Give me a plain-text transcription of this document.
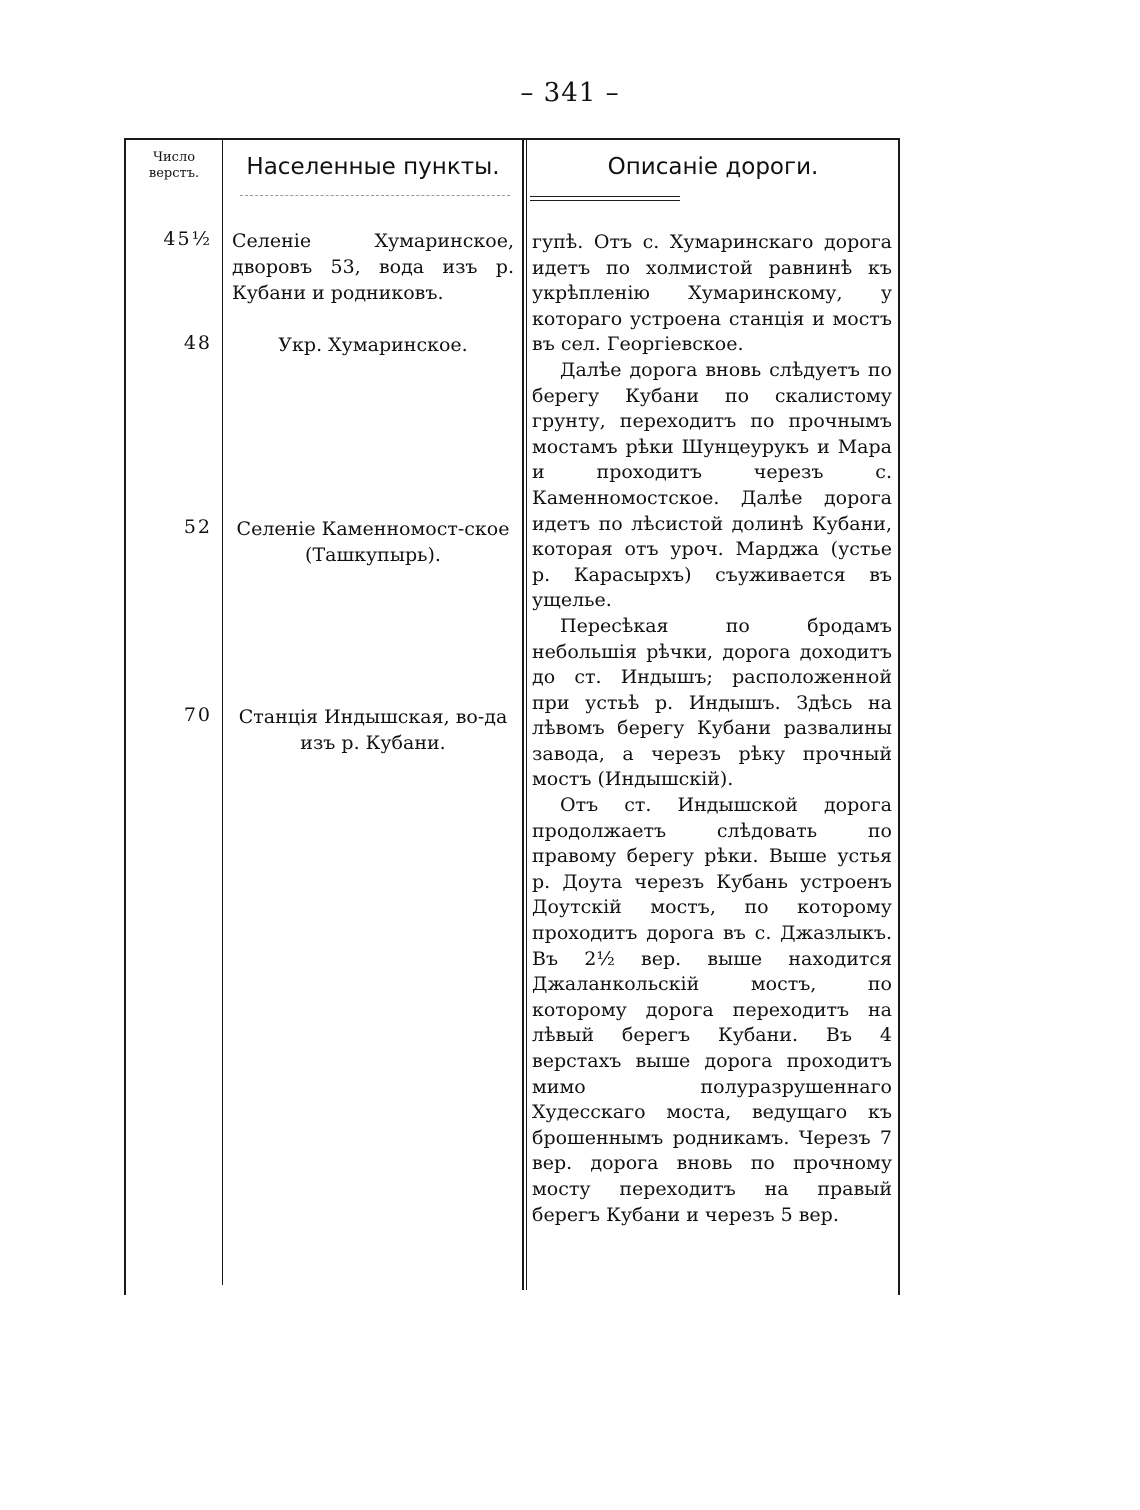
– 341 –
Число
верстъ.	Населенные пункты.	Описаніе дороги.
45½ Селеніе Хумаринское, дворовъ 53, вода изъ р. Кубани и родниковъ.
48	Укр. Хумаринское.
52 Селеніе Каменномост-ское (Ташкупырь).
70	Станція Индышская, во-да изъ р. Кубани.

гупѣ. Отъ с. Хумаринскаго дорога идетъ по холмистой равнинѣ къ укрѣпленію Хумаринскому, у котораго устроена станція и мостъ въ сел. Георгіевское.

Далѣе дорога вновь слѣдуетъ по берегу Кубани по скалистому грунту, переходитъ по прочнымъ мостамъ рѣки Шунцеурукъ и Мара и проходитъ черезъ с. Каменномостское. Далѣе дорога идетъ по лѣсистой долинѣ Кубани, которая отъ уроч. Марджа (устье р. Карасырхъ) съуживается въ ущелье.

Пересѣкая по бродамъ небольшія рѣчки, дорога доходитъ до ст. Индышъ; расположенной при устьѣ р. Индышъ. Здѣсь на лѣвомъ берегу Кубани развалины завода, а черезъ рѣку прочный мостъ (Индышскій).

Отъ ст. Индышской дорога продолжаетъ слѣдовать по правому берегу рѣки. Выше устья р. Доута черезъ Кубань устроенъ Доутскій мостъ, по которому проходитъ дорога въ с. Джазлыкъ. Въ 2½ вер. выше находится Джаланкольскій мостъ, по которому дорога переходитъ на лѣвый берегъ Кубани. Въ 4 верстахъ выше дорога проходитъ мимо полуразрушеннаго Худесскаго моста, ведущаго къ брошеннымъ родникамъ. Черезъ 7 вер. дорога вновь по прочному мосту переходитъ на правый берегъ Кубани и черезъ 5 вер.
